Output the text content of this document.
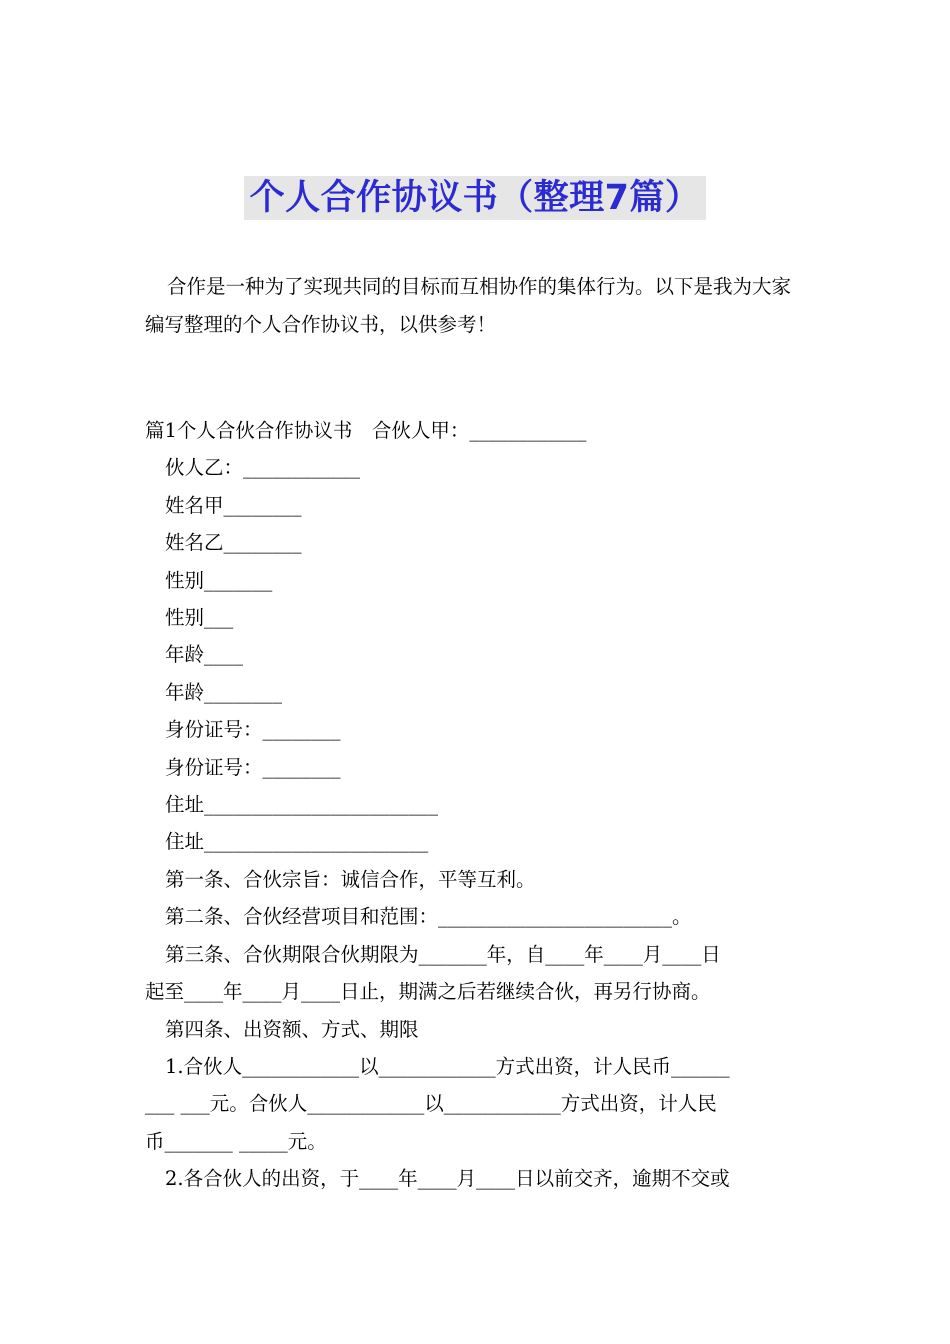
个人合作协议书（整理7篇）

合作是一种为了实现共同的目标而互相协作的集体行为。以下是我为大家编写整理的个人合作协议书，以供参考！

篇1个人合伙合作协议书　合伙人甲：____________

伙人乙：____________

姓名甲________

姓名乙________

性别_______

性别___

年龄____

年龄________

身份证号：________

身份证号：________

住址________________________

住址_______________________

第一条、合伙宗旨：诚信合作，平等互利。

第二条、合伙经营项目和范围：________________________。

第三条、合伙期限合伙期限为_______年，自____年____月____日

起至____年____月____日止，期满之后若继续合伙，再另行协商。

第四条、出资额、方式、期限

1.合伙人____________以____________方式出资，计人民币______

___ ___元。合伙人____________以____________方式出资，计人民

币_______ _____元。

2.各合伙人的出资，于____年____月____日以前交齐，逾期不交或
